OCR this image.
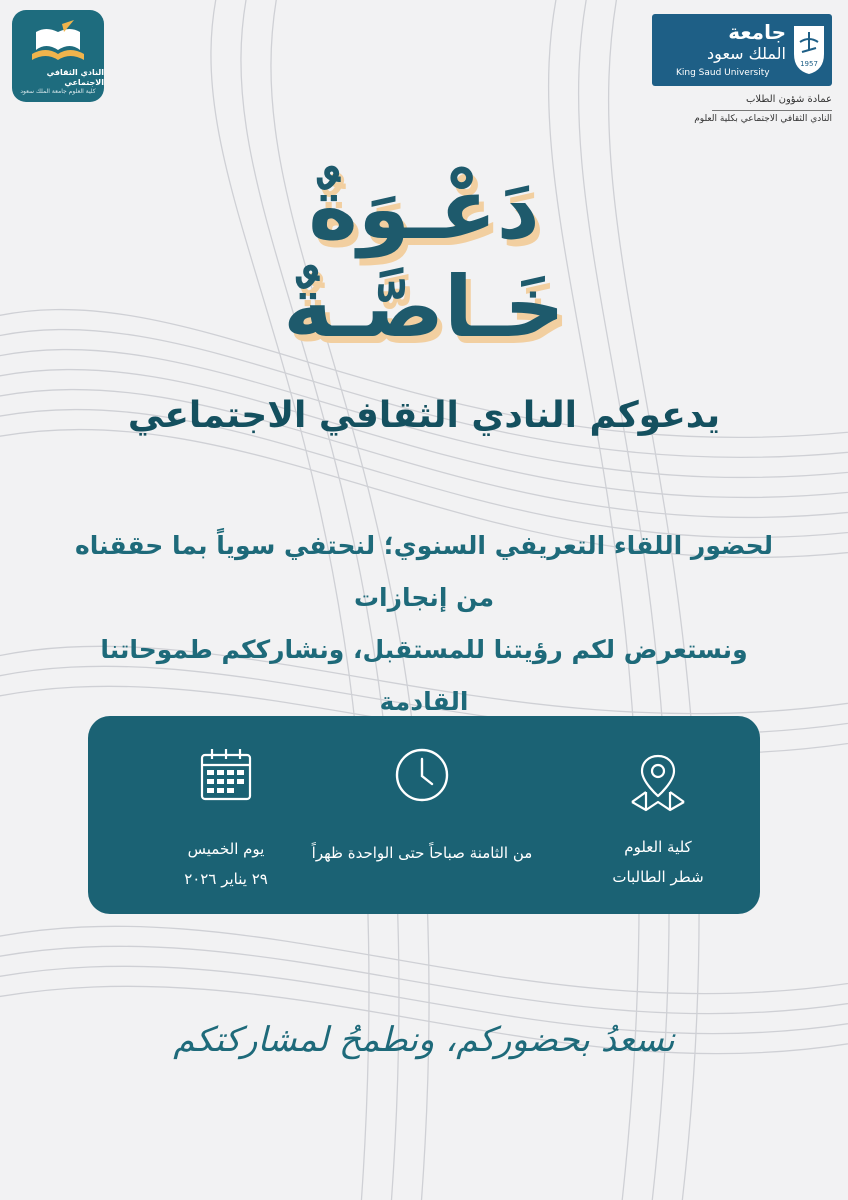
النادي الثقافي الاجتماعي
كلية العلوم جامعة الملك سعود
جامعة
الملك سعود
King Saud University
1957
عمادة شؤون الطلاب
النادي الثقافي الاجتماعي بكلية العلوم
دَعْـوَةٌ
خَـاصَّـةٌ
يدعوكم النادي الثقافي الاجتماعي
لحضور اللقاء التعريفي السنوي؛ لنحتفي سوياً بما حققناه من إنجازات
ونستعرض لكم رؤيتنا للمستقبل، ونشارككم طموحاتنا القادمة
يوم الخميس
٢٩ يناير ٢٠٢٦
من الثامنة صباحاً حتى الواحدة ظهراً	كلية العلوم
شطر الطالبات
نسعدُ بحضوركم، ونطمحُ لمشاركتكم
